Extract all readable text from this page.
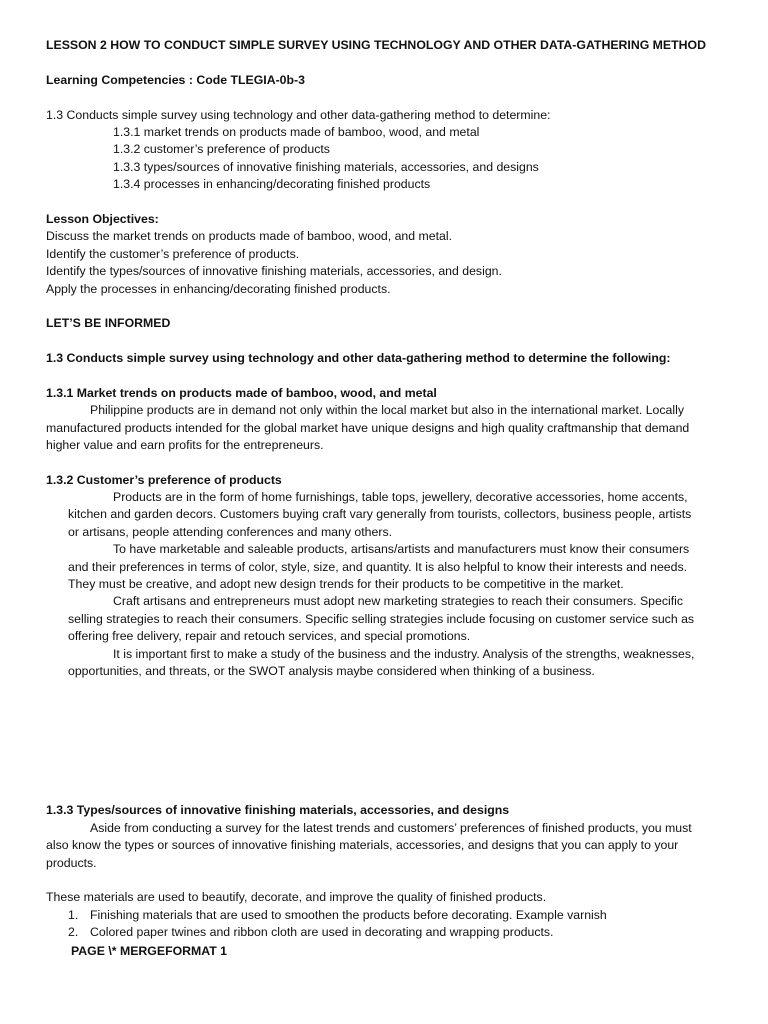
LESSON 2 HOW TO CONDUCT SIMPLE SURVEY USING TECHNOLOGY AND OTHER DATA-GATHERING METHOD
Learning Competencies : Code TLEGIA-0b-3
1.3 Conducts simple survey using technology and other data-gathering method to determine:
1.3.1 market trends on products made of bamboo, wood, and metal
1.3.2 customer’s preference of products
1.3.3 types/sources of innovative finishing materials, accessories, and designs
1.3.4 processes in enhancing/decorating finished products
Lesson Objectives:
Discuss the market trends on products made of bamboo, wood, and metal.
Identify the customer’s preference of products.
Identify the types/sources of innovative finishing materials, accessories, and design.
Apply the processes in enhancing/decorating finished products.
LET’S BE INFORMED
1.3 Conducts simple survey using technology and other data-gathering method to determine the following:
1.3.1 Market trends on products made of bamboo, wood, and metal
Philippine products are in demand not only within the local market but also in the international market. Locally
manufactured products intended for the global market have unique designs and high quality craftmanship that demand
higher value and earn profits for the entrepreneurs.
1.3.2 Customer’s preference of products
Products are in the form of home furnishings, table tops, jewellery, decorative accessories, home accents,
kitchen and garden decors. Customers buying craft vary generally from tourists, collectors, business people, artists
or artisans, people attending conferences and many others.
To have marketable and saleable products, artisans/artists and manufacturers must know their consumers
and their preferences in terms of color, style, size, and quantity. It is also helpful to know their interests and needs.
They must be creative, and adopt new design trends for their products to be competitive in the market.
Craft artisans and entrepreneurs must adopt new marketing strategies to reach their consumers. Specific
selling strategies to reach their consumers. Specific selling strategies include focusing on customer service such as
offering free delivery, repair and retouch services, and special promotions.
It is important first to make a study of the business and the industry. Analysis of the strengths, weaknesses,
opportunities, and threats, or the SWOT analysis maybe considered when thinking of a business.
1.3.3 Types/sources of innovative finishing materials, accessories, and designs
Aside from conducting a survey for the latest trends and customers’ preferences of finished products, you must
also know the types or sources of innovative finishing materials, accessories, and designs that you can apply to your
products.
These materials are used to beautify, decorate, and improve the quality of finished products.
1. Finishing materials that are used to smoothen the products before decorating. Example varnish
2. Colored paper twines and ribbon cloth are used in decorating and wrapping products.
PAGE \* MERGEFORMAT 1
